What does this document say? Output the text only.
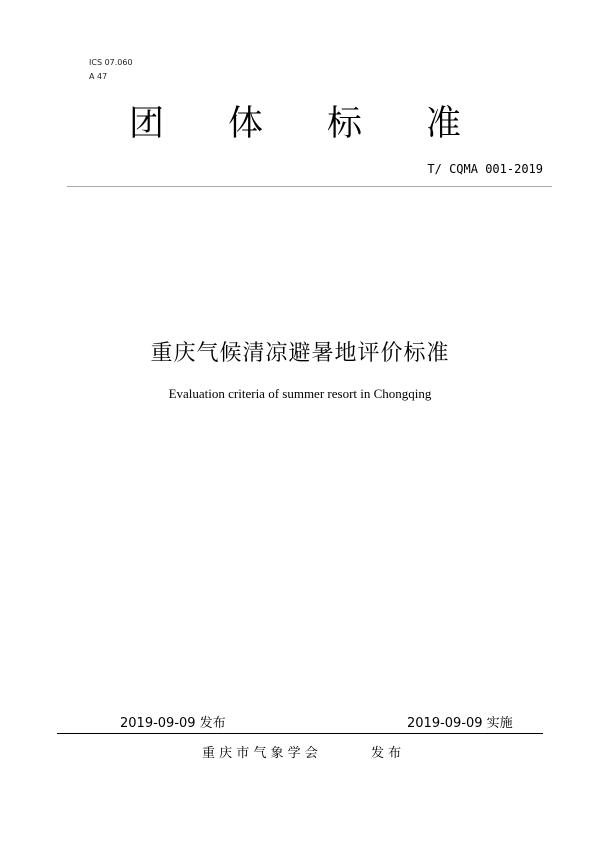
ICS 07.060
A 47
团 体 标 准
T/ CQMA 001-2019
重庆气候清凉避暑地评价标准
Evaluation criteria of summer resort in Chongqing
2019-09-09 发布	2019-09-09 实施
重 庆 市 气 象 学 会	发 布
